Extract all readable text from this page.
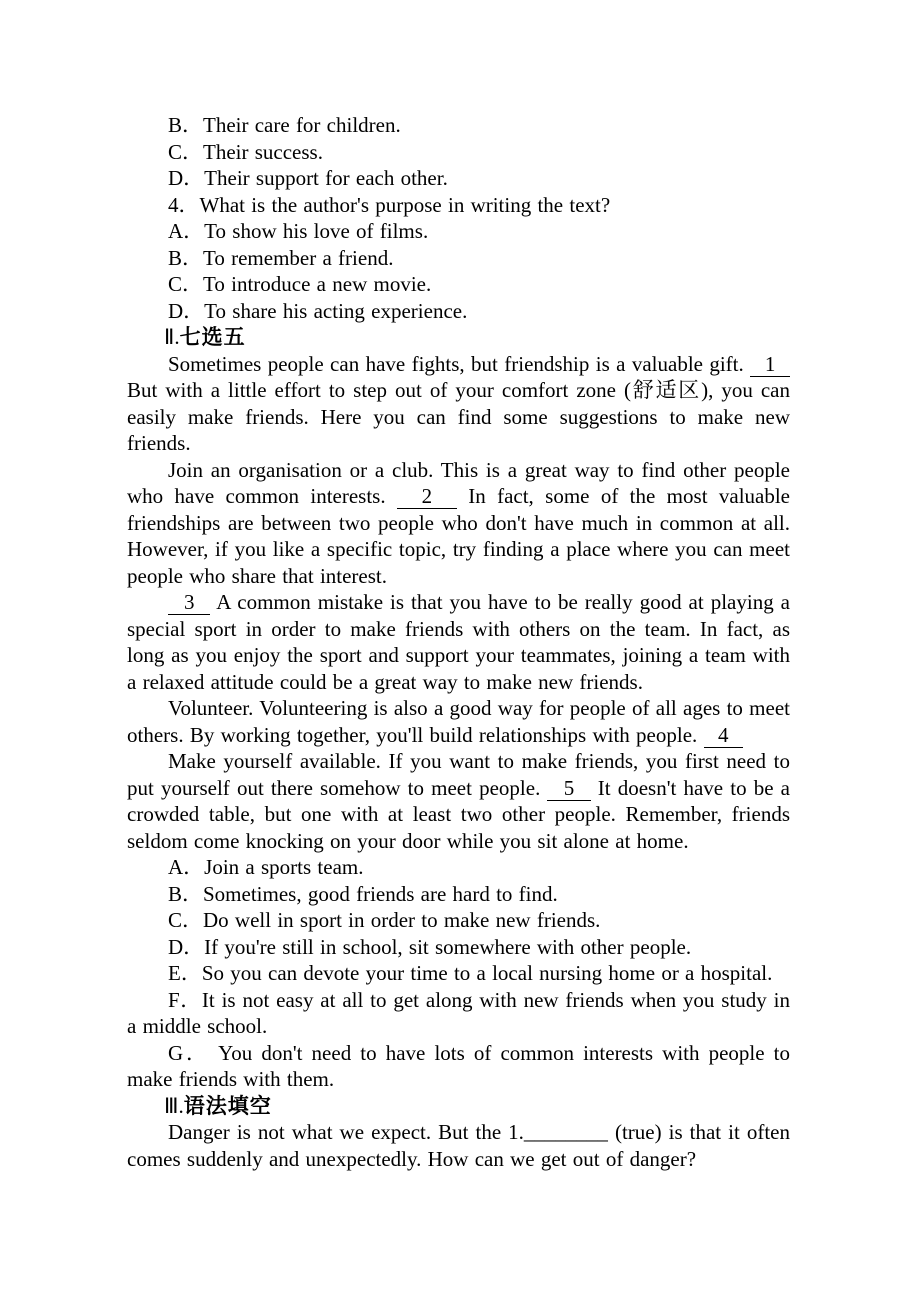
B．Their care for children.

C．Their success.

D．Their support for each other.

4．What is the author's purpose in writing the text?

A．To show his love of films.

B．To remember a friend.

C．To introduce a new movie.

D．To share his acting experience.

Ⅱ.七选五

Sometimes people can have fights, but friendship is a valuable gift.   1   But with a little effort to step out of your comfort zone (舒适区), you can easily make friends. Here you can find some suggestions to make new friends.

Join an organisation or a club. This is a great way to find other people who have common interests.   2   In fact, some of the most valuable friendships are between two people who don't have much in common at all. However, if you like a specific topic, try finding a place where you can meet people who share that interest.

3   A common mistake is that you have to be really good at playing a special sport in order to make friends with others on the team. In fact, as long as you enjoy the sport and support your teammates, joining a team with a relaxed attitude could be a great way to make new friends.

Volunteer. Volunteering is also a good way for people of all ages to meet others. By working together, you'll build relationships with people.   4

Make yourself available. If you want to make friends, you first need to put yourself out there somehow to meet people.   5   It doesn't have to be a crowded table, but one with at least two other people. Remember, friends seldom come knocking on your door while you sit alone at home.

A．Join a sports team.

B．Sometimes, good friends are hard to find.

C．Do well in sport in order to make new friends.

D．If you're still in school, sit somewhere with other people.

E．So you can devote your time to a local nursing home or a hospital.

F．It is not easy at all to get along with new friends when you study in a middle school.

G． You don't need to have lots of common interests with people to make friends with them.

Ⅲ.语法填空

Danger is not what we expect. But the 1.________ (true) is that it often comes suddenly and unexpectedly. How can we get out of danger?
